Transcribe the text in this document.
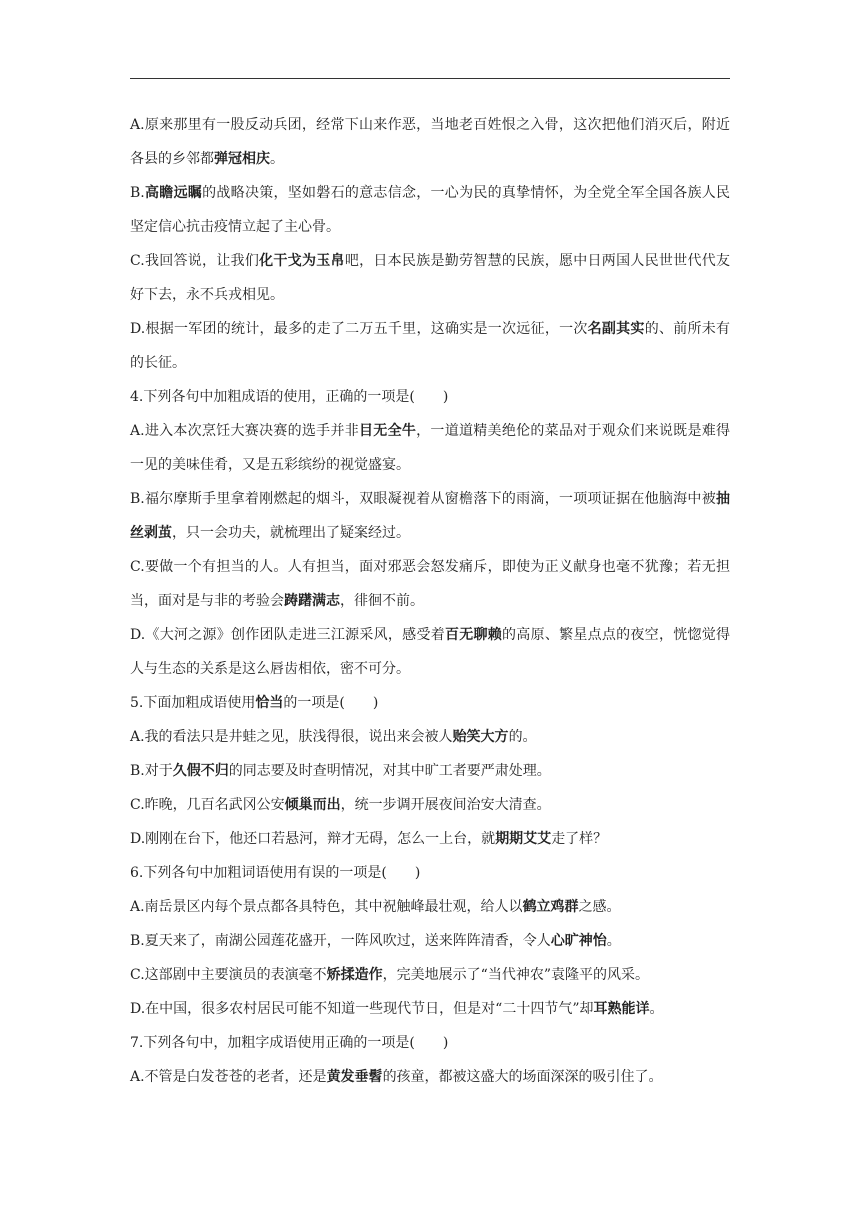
A.原来那里有一股反动兵团，经常下山来作恶，当地老百姓恨之入骨，这次把他们消灭后，附近各县的乡邻都弹冠相庆。

B.高瞻远瞩的战略决策，坚如磐石的意志信念，一心为民的真挚情怀，为全党全军全国各族人民坚定信心抗击疫情立起了主心骨。

C.我回答说，让我们化干戈为玉帛吧，日本民族是勤劳智慧的民族，愿中日两国人民世世代代友好下去，永不兵戎相见。

D.根据一军团的统计，最多的走了二万五千里，这确实是一次远征，一次名副其实的、前所未有的长征。

4.下列各句中加粗成语的使用，正确的一项是(　　)

A.进入本次烹饪大赛决赛的选手并非目无全牛，一道道精美绝伦的菜品对于观众们来说既是难得一见的美味佳肴，又是五彩缤纷的视觉盛宴。

B.福尔摩斯手里拿着刚燃起的烟斗，双眼凝视着从窗檐落下的雨滴，一项项证据在他脑海中被抽丝剥茧，只一会功夫，就梳理出了疑案经过。

C.要做一个有担当的人。人有担当，面对邪恶会怒发痛斥，即使为正义献身也毫不犹豫；若无担当，面对是与非的考验会踌躇满志，徘徊不前。

D.《大河之源》创作团队走进三江源采风，感受着百无聊赖的高原、繁星点点的夜空，恍惚觉得人与生态的关系是这么唇齿相依，密不可分。

5.下面加粗成语使用恰当的一项是(　　)

A.我的看法只是井蛙之见，肤浅得很，说出来会被人贻笑大方的。

B.对于久假不归的同志要及时查明情况，对其中旷工者要严肃处理。

C.昨晚，几百名武冈公安倾巢而出，统一步调开展夜间治安大清查。

D.刚刚在台下，他还口若悬河，辩才无碍，怎么一上台，就期期艾艾走了样？

6.下列各句中加粗词语使用有误的一项是(　　)

A.南岳景区内每个景点都各具特色，其中祝触峰最壮观，给人以鹤立鸡群之感。

B.夏天来了，南湖公园莲花盛开，一阵风吹过，送来阵阵清香，令人心旷神怡。

C.这部剧中主要演员的表演毫不矫揉造作，完美地展示了“当代神农”袁隆平的风采。

D.在中国，很多农村居民可能不知道一些现代节日，但是对“二十四节气”却耳熟能详。

7.下列各句中，加粗字成语使用正确的一项是(　　)

A.不管是白发苍苍的老者，还是黄发垂髫的孩童，都被这盛大的场面深深的吸引住了。
